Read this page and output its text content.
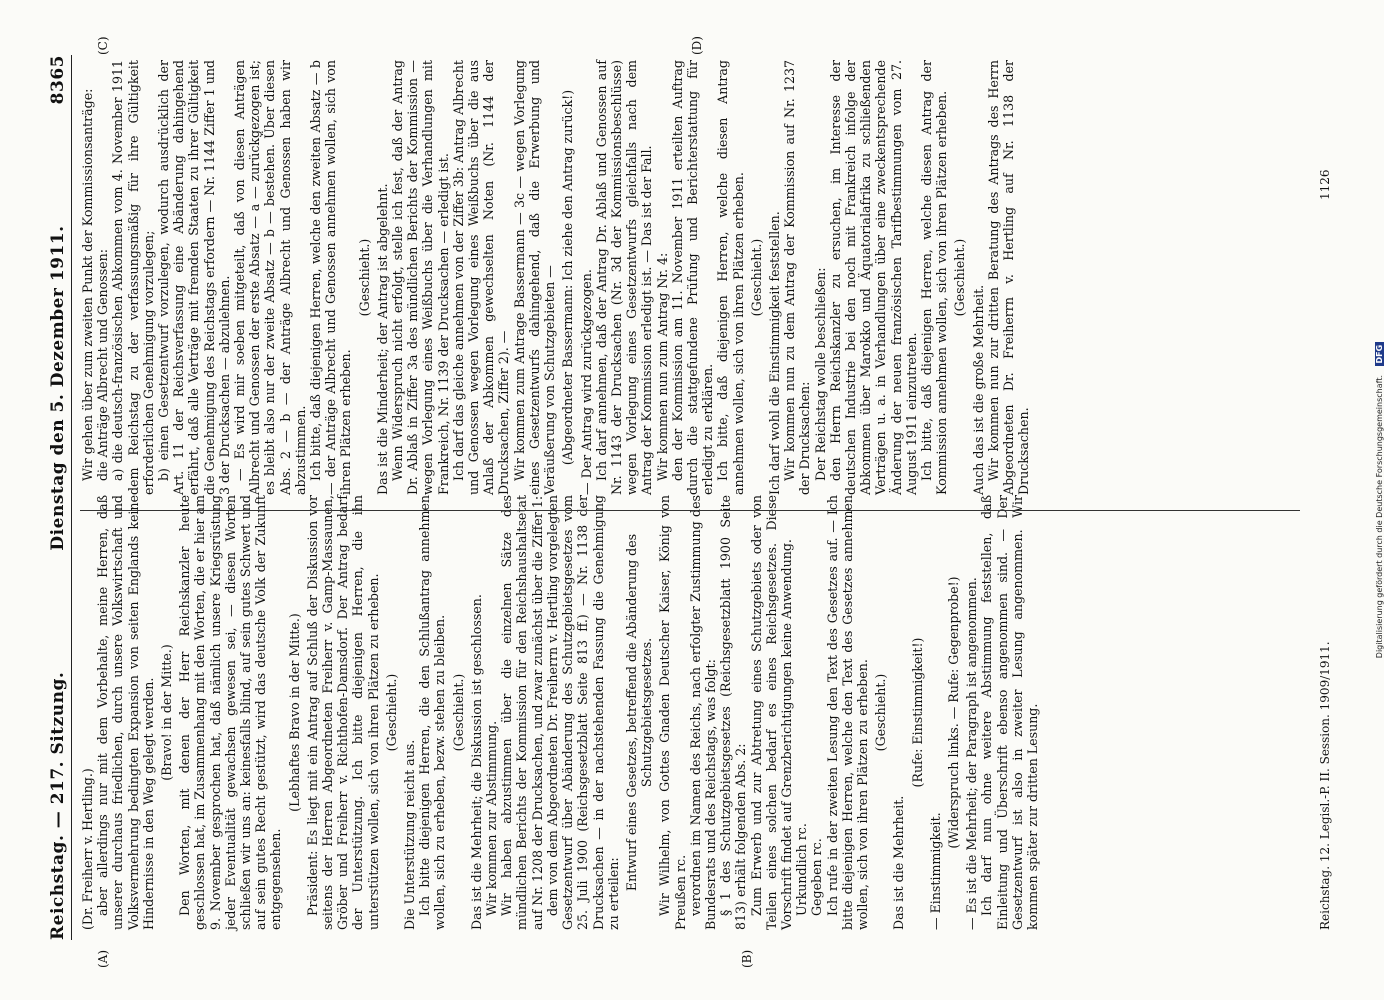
Reichstag. — 217. Sitzung.
Dienstag den 5. Dezember 1911.
8365
(A)	(B)
(C)	(D)

(Dr. Freiherr v. Hertling.) aber allerdings nur mit dem Vorbehalte, meine Herren, daß unserer durchaus friedlichen, durch unsere Volkswirtschaft und Volksvermehrung bedingten Expansion von seiten Englands keine Hindernisse in den Weg gelegt werden. (Bravo! in der Mitte.) Den Worten, mit denen der Herr Reichskanzler heute geschlossen hat, im Zusammenhang mit den Worten, die er hier am 9. November gesprochen hat, daß nämlich unsere Kriegsrüstung jeder Eventualität gewachsen gewesen sei, — diesen Worten schließen wir uns an: keinesfalls blind, auf sein gutes Schwert und auf sein gutes Recht gestützt, wird das deutsche Volk der Zukunft entgegensehen.

(Lebhaftes Bravo in der Mitte.) Präsident: Es liegt mit ein Antrag auf Schluß der Diskussion vor seitens der Herren Abgeordneten Freiherr v. Gamp-Massaunen, Gröber und Freiherr v. Richthofen-Damsdorf. Der Antrag bedarf der Unterstützung. Ich bitte diejenigen Herren, die ihn unterstützen wollen, sich von ihren Plätzen zu erheben. (Geschieht.)

Die Unterstützung reicht aus. Ich bitte diejenigen Herren, die den Schlußantrag annehmen wollen, sich zu erheben, bezw. stehen zu bleiben. (Geschieht.) Das ist die Mehrheit; die Diskussion ist geschlossen. Wir kommen zur Abstimmung. Wir haben abzustimmen über die einzelnen Sätze des mündlichen Berichts der Kommission für den Reichshaushaltsetat auf Nr. 1208 der Drucksachen, und zwar zunächst über die Ziffer 1: dem von dem Abgeordneten Dr. Freiherrn v. Hertling vorgelegten Gesetzentwurf über Abänderung des Schutzgebietsgesetzes vom 25. Juli 1900 (Reichsgesetzblatt Seite 813 ff.) — Nr. 1138 der Drucksachen — in der nachstehenden Fassung die Genehmigung zu erteilen:

Entwurf eines Gesetzes, betreffend die Abänderung des Schutzgebietsgesetzes. Wir Wilhelm, von Gottes Gnaden Deutscher Kaiser, König von Preußen rc. verordnen im Namen des Reichs, nach erfolgter Zustimmung des Bundesrats und des Reichstags, was folgt: § 1 des Schutzgebietsgesetzes (Reichsgesetzblatt 1900 Seite 813) erhält folgenden Abs. 2: Zum Erwerb und zur Abtretung eines Schutzgebiets oder von Teilen eines solchen bedarf es eines Reichsgesetzes. Diese Vorschrift findet auf Grenzberichtigungen keine Anwendung. Urkundlich rc. Gegeben rc. Ich rufe in der zweiten Lesung den Text des Gesetzes auf. — Ich bitte diejenigen Herren, welche den Text des Gesetzes annehmen wollen, sich von ihren Plätzen zu erheben. (Geschieht.)

Das ist die Mehrheit.

(Rufe: Einstimmigkeit!)

— Einstimmigkeit.

(Widerspruch links. — Rufe: Gegenprobe!) — Es ist die Mehrheit; der Paragraph ist angenommen. Ich darf nun ohne weitere Abstimmung feststellen, daß Einleitung und Überschrift ebenso angenommen sind. — Der Gesetzentwurf ist also in zweiter Lesung angenommen. Wir kommen später zur dritten Lesung.

Wir gehen über zum zweiten Punkt der Kommissionsanträge: die Anträge Albrecht und Genossen: a) die deutsch-französischen Abkommen vom 4. November 1911 dem Reichstag zu der verfassungsmäßig für ihre Gültigkeit erforderlichen Genehmigung vorzulegen; b) einen Gesetzentwurf vorzulegen, wodurch ausdrücklich der Art. 11 der Reichsverfassung eine Abänderung dahingehend erfährt, daß alle Verträge mit fremden Staaten zu ihrer Gültigkeit die Genehmigung des Reichstags erfordern — Nr. 1144 Ziffer 1 und 3 der Drucksachen — abzulehnen. — Es wird mir soeben mitgeteilt, daß von diesen Anträgen Albrecht und Genossen der erste Absatz — a — zurückgezogen ist; es bleibt also nur der zweite Absatz — b — bestehen. Über diesen Abs. 2 — b — der Anträge Albrecht und Genossen haben wir abzustimmen. Ich bitte, daß diejenigen Herren, welche den zweiten Absatz — b — der Anträge Albrecht und Genossen annehmen wollen, sich von ihren Plätzen erheben.

(Geschieht.) Das ist die Minderheit; der Antrag ist abgelehnt. Wenn Widerspruch nicht erfolgt, stelle ich fest, daß der Antrag Dr. Ablaß in Ziffer 3a des mündlichen Berichts der Kommission — wegen Vorlegung eines Weißbuchs über die Verhandlungen mit Frankreich, Nr. 1139 der Drucksachen — erledigt ist. Ich darf das gleiche annehmen von der Ziffer 3b: Antrag Albrecht und Genossen wegen Vorlegung eines Weißbuchs über die aus Anlaß der Abkommen gewechselten Noten (Nr. 1144 der Drucksachen, Ziffer 2). — Wir kommen zum Antrage Bassermann — 3c — wegen Vorlegung eines Gesetzentwurfs dahingehend, daß die Erwerbung und Veräußerung von Schutzgebieten — (Abgeordneter Bassermann: Ich ziehe den Antrag zurück!) — Der Antrag wird zurückgezogen. Ich darf annehmen, daß der Antrag Dr. Ablaß und Genossen auf Nr. 1143 der Drucksachen (Nr. 3d der Kommissionsbeschlüsse) wegen Vorlegung eines Gesetzentwurfs gleichfalls nach dem Antrag der Kommission erledigt ist. — Das ist der Fall. Wir kommen nun zum Antrag Nr. 4: den der Kommission am 11. November 1911 erteilten Auftrag durch die stattgefundene Prüfung und Berichterstattung für erledigt zu erklären. Ich bitte, daß diejenigen Herren, welche diesen Antrag annehmen wollen, sich von ihren Plätzen erheben. (Geschieht.) Ich darf wohl die Einstimmigkeit feststellen. Wir kommen nun zu dem Antrag der Kommission auf Nr. 1237 der Drucksachen: Der Reichstag wolle beschließen: den Herrn Reichskanzler zu ersuchen, im Interesse der deutschen Industrie bei den noch mit Frankreich infolge der Abkommen über Marokko und Äquatorialafrika zu schließenden Verträgen u. a. in Verhandlungen über eine zweckentsprechende Änderung der neuen französischen Tarifbestimmungen vom 27. August 1911 einzutreten. Ich bitte, daß diejenigen Herren, welche diesen Antrag der Kommission annehmen wollen, sich von ihren Plätzen erheben. (Geschieht.)

Auch das ist die große Mehrheit. Wir kommen nun zur dritten Beratung des Antrags des Herrn Abgeordneten Dr. Freiherrn v. Hertling auf Nr. 1138 der Drucksachen.

Reichstag. 12. Legisl.-P. II. Session. 1909/1911.
1126
Digitalisierung gefördert durch die Deutsche Forschungsgemeinschaft. DFG
